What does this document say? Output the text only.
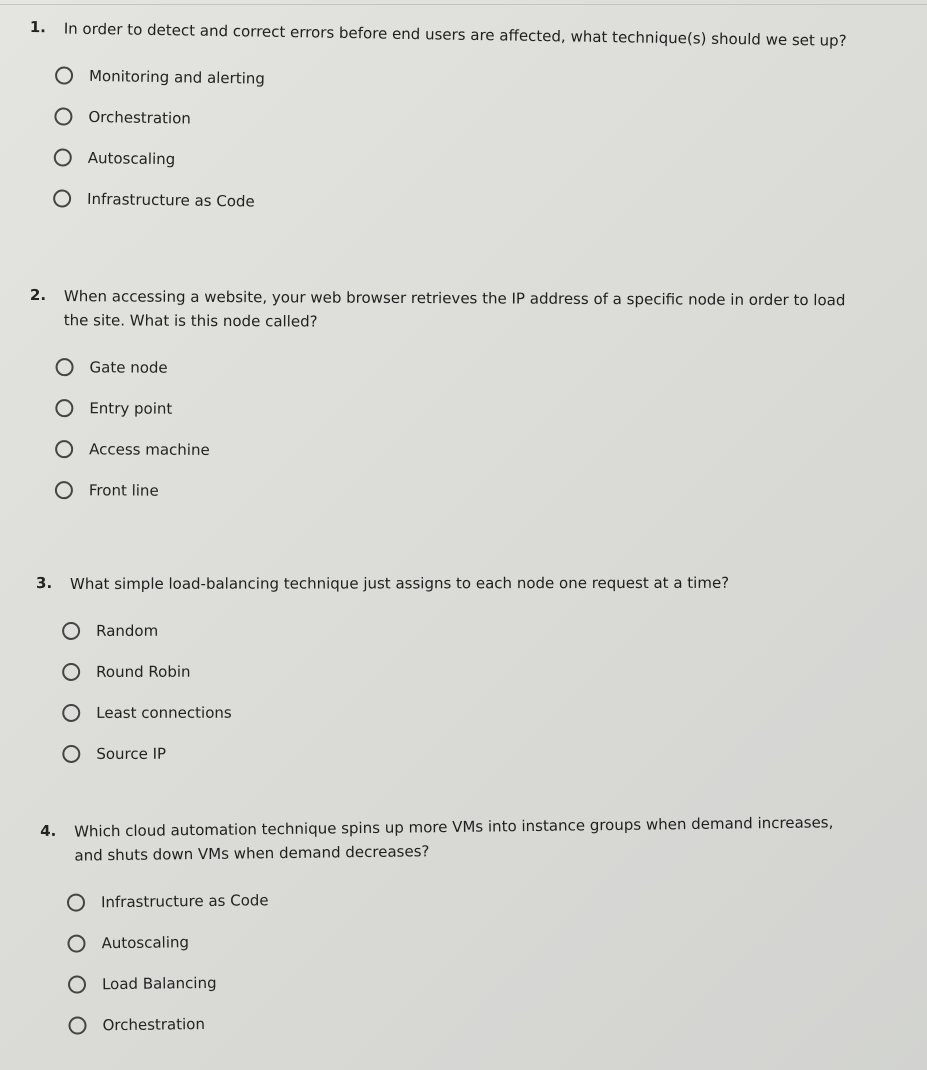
1.	In order to detect and correct errors before end users are affected, what technique(s) should we set up?
Monitoring and alerting
Orchestration
Autoscaling
Infrastructure as Code
2.	When accessing a website, your web browser retrieves the IP address of a specific node in order to load the site. What is this node called?
Gate node
Entry point
Access machine
Front line
3.	What simple load-balancing technique just assigns to each node one request at a time?
Random
Round Robin
Least connections
Source IP
4.	Which cloud automation technique spins up more VMs into instance groups when demand increases, and shuts down VMs when demand decreases?
Infrastructure as Code
Autoscaling
Load Balancing
Orchestration
